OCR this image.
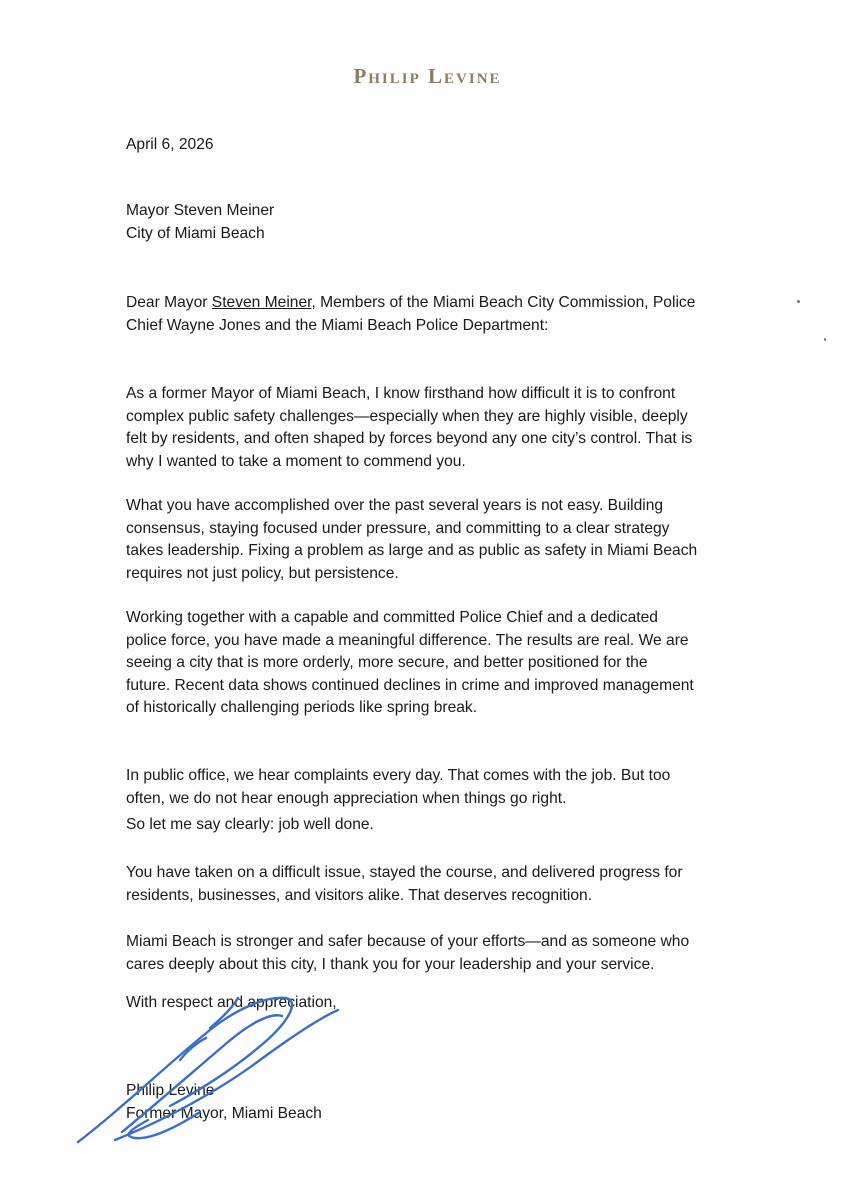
Philip Levine
April 6, 2026
Mayor Steven Meiner
City of Miami Beach
Dear Mayor Steven Meiner, Members of the Miami Beach City Commission, Police
Chief Wayne Jones and the Miami Beach Police Department:
As a former Mayor of Miami Beach, I know firsthand how difficult it is to confront
complex public safety challenges—especially when they are highly visible, deeply
felt by residents, and often shaped by forces beyond any one city’s control. That is
why I wanted to take a moment to commend you.
What you have accomplished over the past several years is not easy. Building
consensus, staying focused under pressure, and committing to a clear strategy
takes leadership. Fixing a problem as large and as public as safety in Miami Beach
requires not just policy, but persistence.
Working together with a capable and committed Police Chief and a dedicated
police force, you have made a meaningful difference. The results are real. We are
seeing a city that is more orderly, more secure, and better positioned for the
future. Recent data shows continued declines in crime and improved management
of historically challenging periods like spring break.
In public office, we hear complaints every day. That comes with the job. But too
often, we do not hear enough appreciation when things go right.
So let me say clearly: job well done.
You have taken on a difficult issue, stayed the course, and delivered progress for
residents, businesses, and visitors alike. That deserves recognition.
Miami Beach is stronger and safer because of your efforts—and as someone who
cares deeply about this city, I thank you for your leadership and your service.
With respect and appreciation,
Philip Levine
Former Mayor, Miami Beach
